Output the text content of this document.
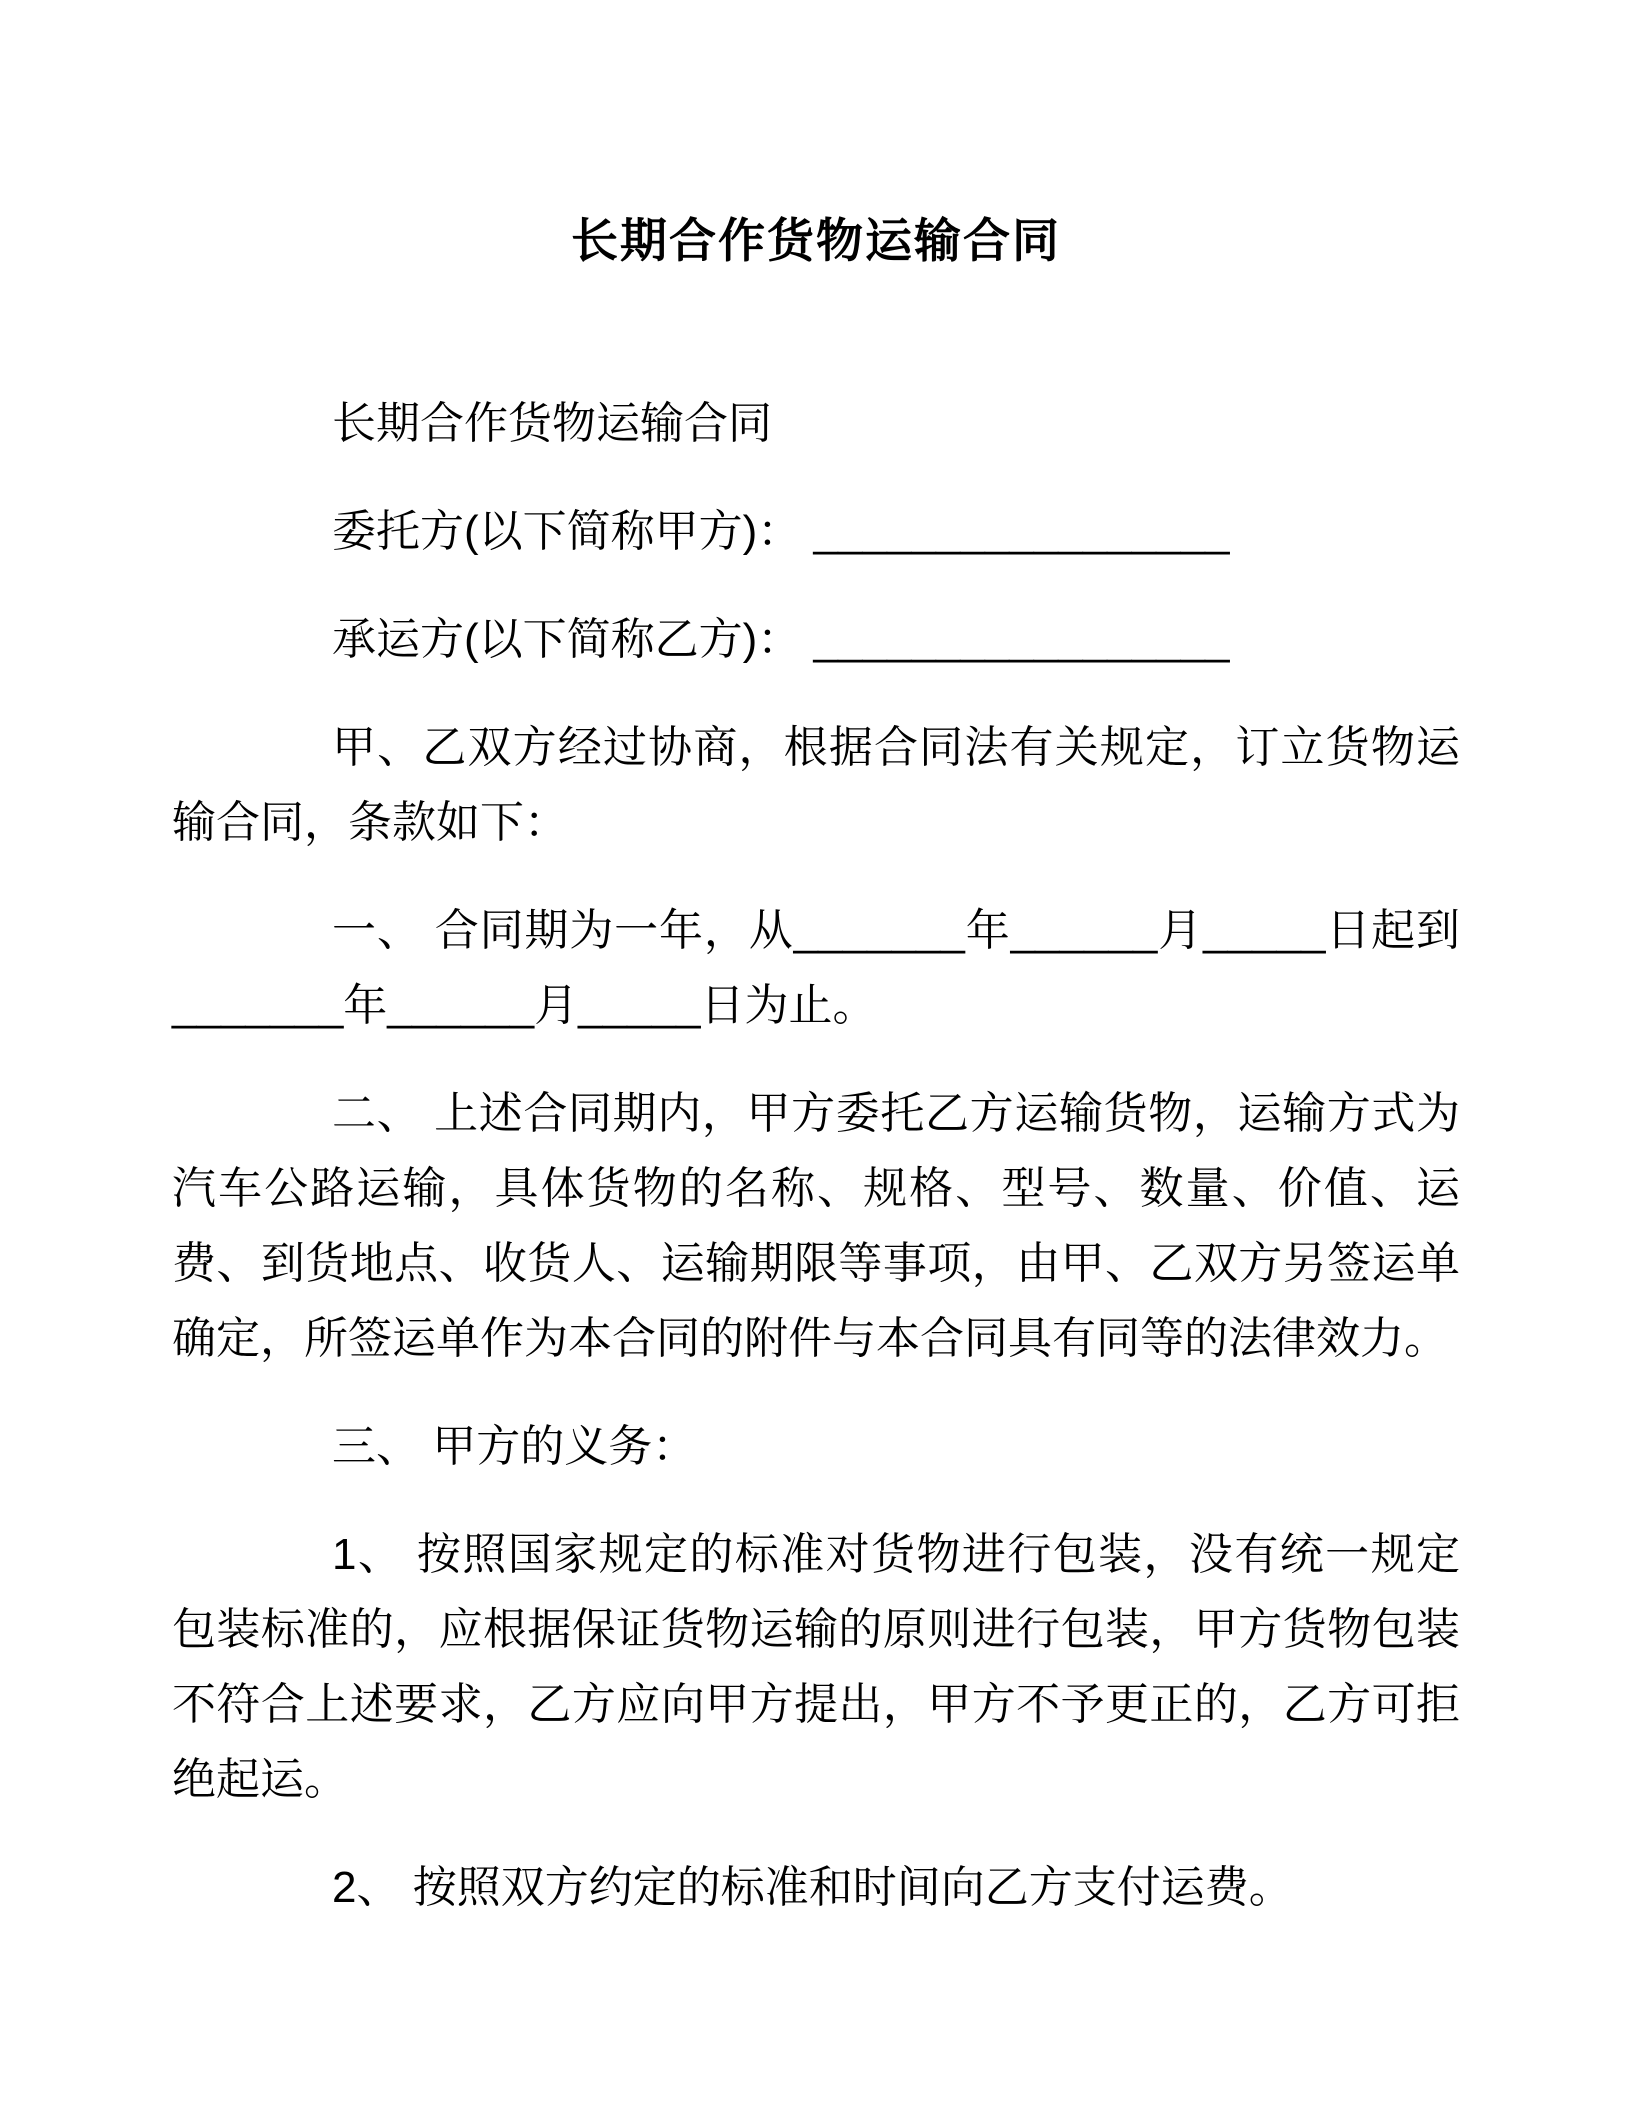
长期合作货物运输合同

长期合作货物运输合同

委托方(以下简称甲方)： _________________

承运方(以下简称乙方)： _________________

甲、乙双方经过协商，根据合同法有关规定，订立货物运输合同，条款如下：

一、 合同期为一年，从_______年______月_____日起到_______年______月_____日为止。

二、 上述合同期内，甲方委托乙方运输货物，运输方式为汽车公路运输，具体货物的名称、规格、型号、数量、价值、运费、到货地点、收货人、运输期限等事项，由甲、乙双方另签运单确定，所签运单作为本合同的附件与本合同具有同等的法律效力。

三、 甲方的义务：

1、 按照国家规定的标准对货物进行包装，没有统一规定包装标准的，应根据保证货物运输的原则进行包装，甲方货物包装不符合上述要求，乙方应向甲方提出，甲方不予更正的，乙方可拒绝起运。

2、 按照双方约定的标准和时间向乙方支付运费。
